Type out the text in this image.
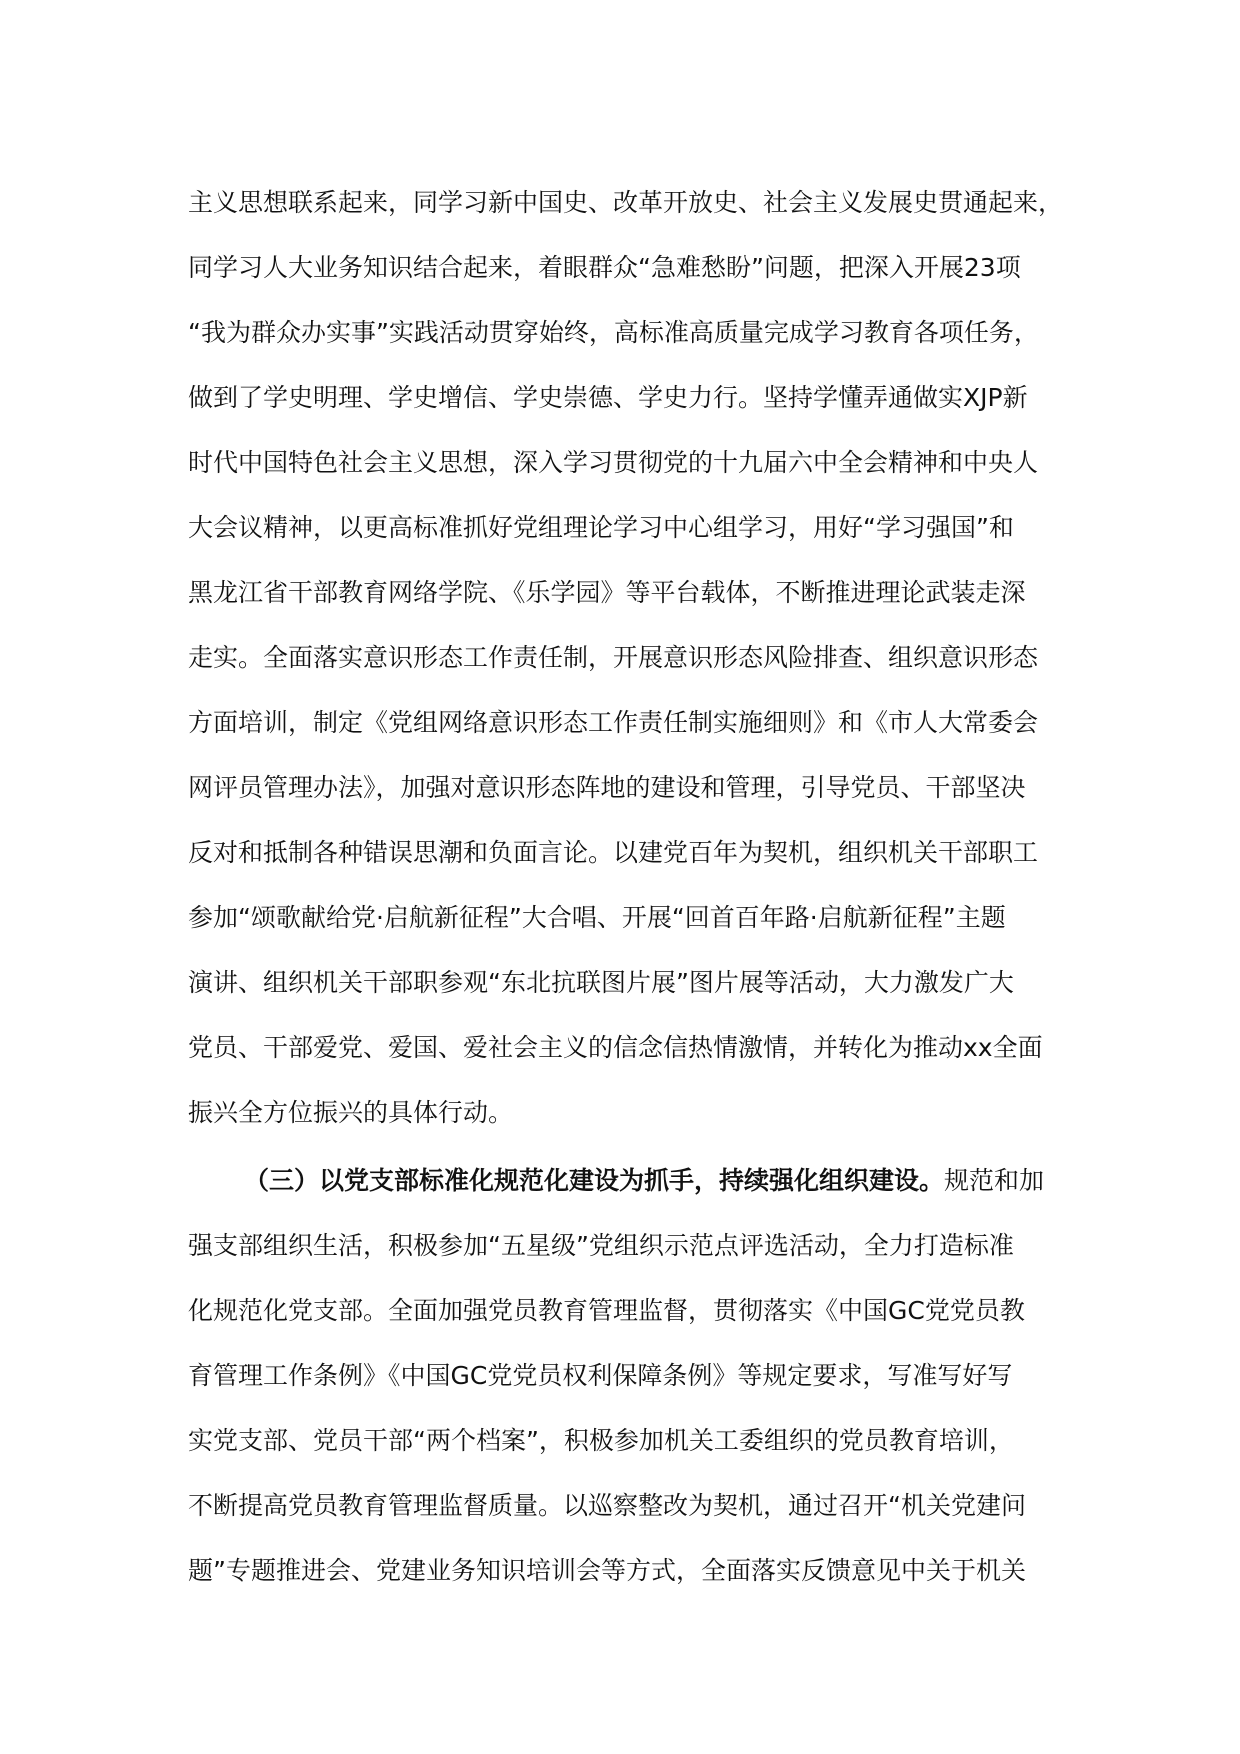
主义思想联系起来，同学习新中国史、改革开放史、社会主义发展史贯通起来，
同学习人大业务知识结合起来，着眼群众“急难愁盼”问题，把深入开展23项
“我为群众办实事”实践活动贯穿始终，高标准高质量完成学习教育各项任务，
做到了学史明理、学史增信、学史崇德、学史力行。坚持学懂弄通做实XJP新
时代中国特色社会主义思想，深入学习贯彻党的十九届六中全会精神和中央人
大会议精神，以更高标准抓好党组理论学习中心组学习，用好“学习强国”和
黑龙江省干部教育网络学院、《乐学园》等平台载体，不断推进理论武装走深
走实。全面落实意识形态工作责任制，开展意识形态风险排查、组织意识形态
方面培训，制定《党组网络意识形态工作责任制实施细则》和《市人大常委会
网评员管理办法》，加强对意识形态阵地的建设和管理，引导党员、干部坚决
反对和抵制各种错误思潮和负面言论。以建党百年为契机，组织机关干部职工
参加“颂歌献给党·启航新征程”大合唱、开展“回首百年路·启航新征程”主题
演讲、组织机关干部职参观“东北抗联图片展”图片展等活动，大力激发广大
党员、干部爱党、爱国、爱社会主义的信念信热情激情，并转化为推动xx全面
振兴全方位振兴的具体行动。
（三）以党支部标准化规范化建设为抓手，持续强化组织建设。规范和加
强支部组织生活，积极参加“五星级”党组织示范点评选活动，全力打造标准
化规范化党支部。全面加强党员教育管理监督，贯彻落实《中国GC党党员教
育管理工作条例》《中国GC党党员权利保障条例》等规定要求，写准写好写
实党支部、党员干部“两个档案”，积极参加机关工委组织的党员教育培训，
不断提高党员教育管理监督质量。以巡察整改为契机，通过召开“机关党建问
题”专题推进会、党建业务知识培训会等方式，全面落实反馈意见中关于机关
